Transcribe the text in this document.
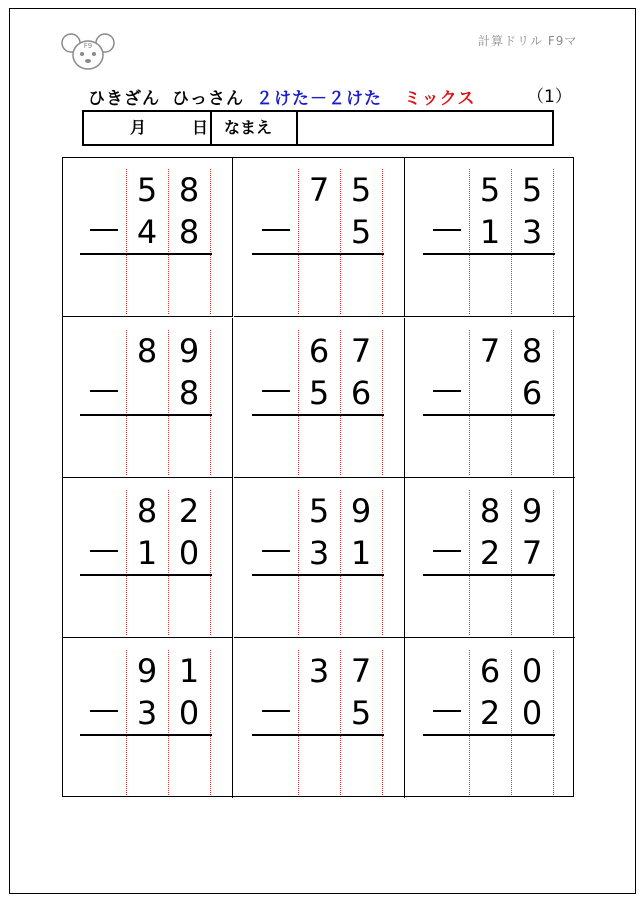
F9	計算ドリル F9マ
ひきざん ひっさん ２けた－２けた ミックス	（1）
月	日 なまえ
5 8
4 8
7 5
5
5 5
1 3
8 9
8
6 7
5 6
7 8
6
8 2
1 0
5 9
3 1
8 9
2 7
9 1
3 0
3 7
5
6 0
2 0
